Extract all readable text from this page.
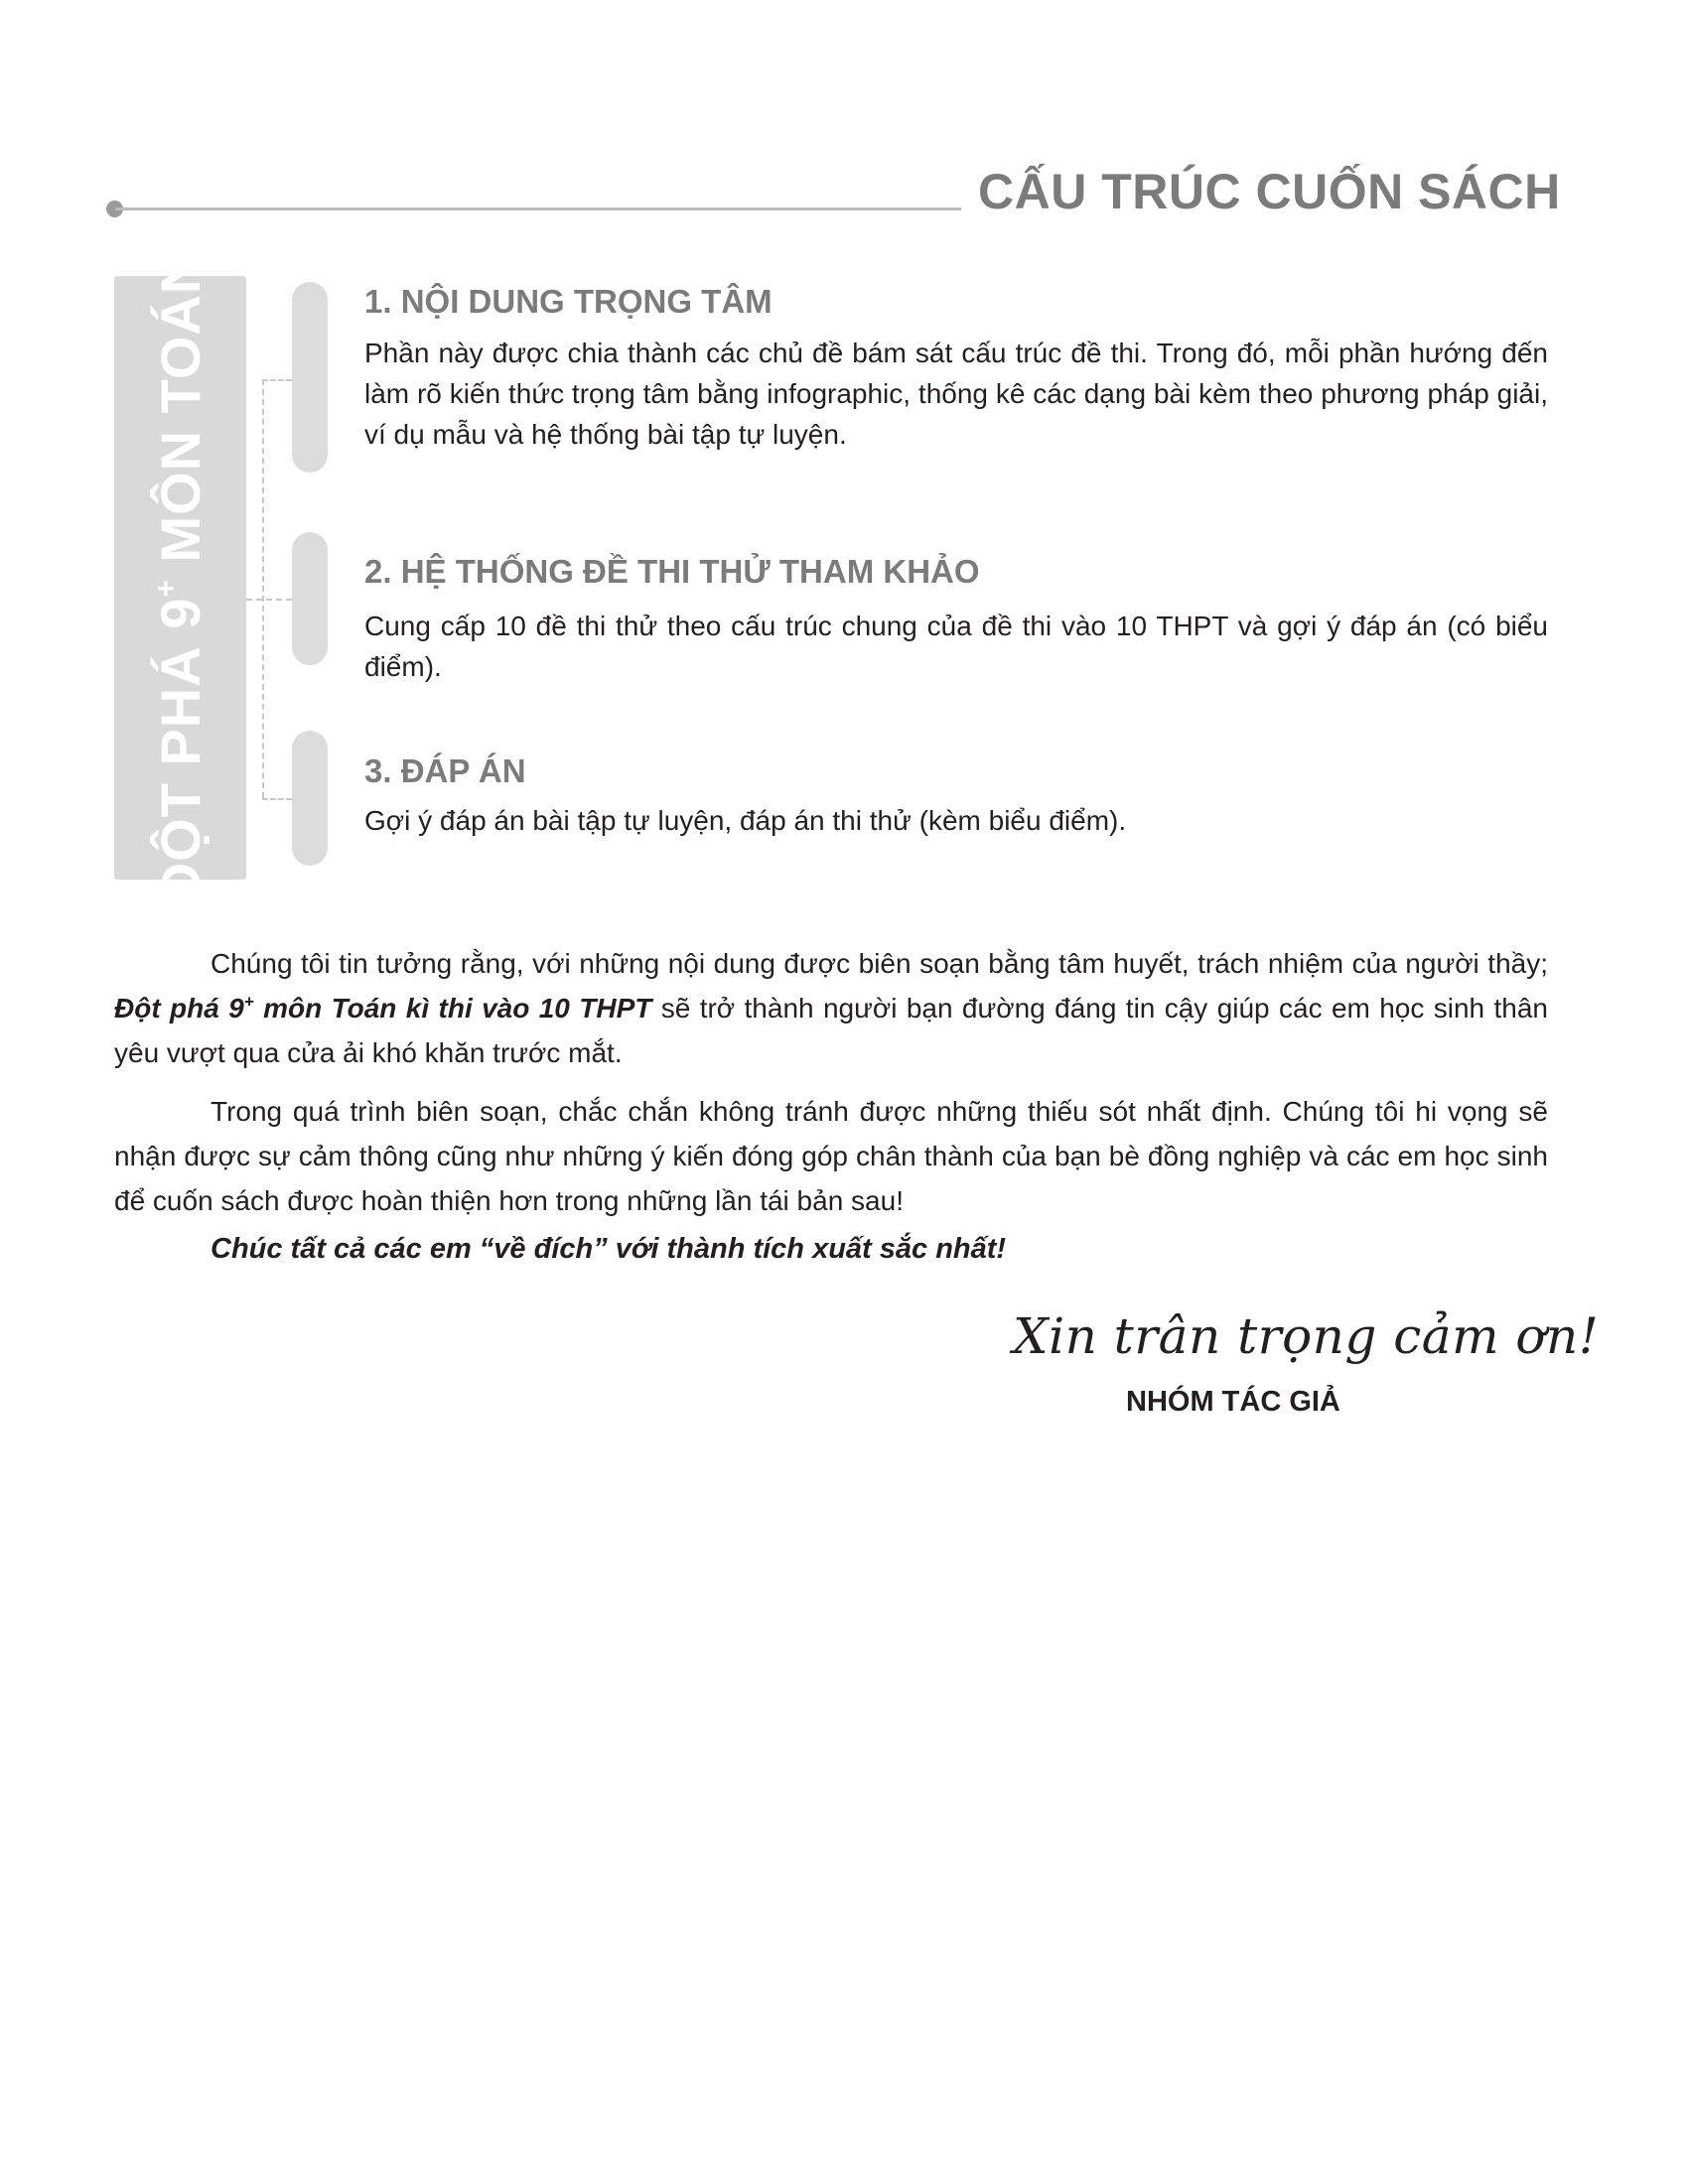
CẤU TRÚC CUỐN SÁCH
ĐỘT PHÁ 9+ MÔN TOÁN	1. NỘI DUNG TRỌNG TÂM
Phần này được chia thành các chủ đề bám sát cấu trúc đề thi. Trong đó, mỗi phần hướng đến làm rõ kiến thức trọng tâm bằng infographic, thống kê các dạng bài kèm theo phương pháp giải, ví dụ mẫu và hệ thống bài tập tự luyện.
2. HỆ THỐNG ĐỀ THI THỬ THAM KHẢO
Cung cấp 10 đề thi thử theo cấu trúc chung của đề thi vào 10 THPT và gợi ý đáp án (có biểu điểm).
3. ĐÁP ÁN
Gợi ý đáp án bài tập tự luyện, đáp án thi thử (kèm biểu điểm).

Chúng tôi tin tưởng rằng, với những nội dung được biên soạn bằng tâm huyết, trách nhiệm của người thầy; Đột phá 9+ môn Toán kì thi vào 10 THPT sẽ trở thành người bạn đường đáng tin cậy giúp các em học sinh thân yêu vượt qua cửa ải khó khăn trước mắt.

Trong quá trình biên soạn, chắc chắn không tránh được những thiếu sót nhất định. Chúng tôi hi vọng sẽ nhận được sự cảm thông cũng như những ý kiến đóng góp chân thành của bạn bè đồng nghiệp và các em học sinh để cuốn sách được hoàn thiện hơn trong những lần tái bản sau!

Chúc tất cả các em “về đích” với thành tích xuất sắc nhất!
Xin trân trọng cảm ơn!
NHÓM TÁC GIẢ
